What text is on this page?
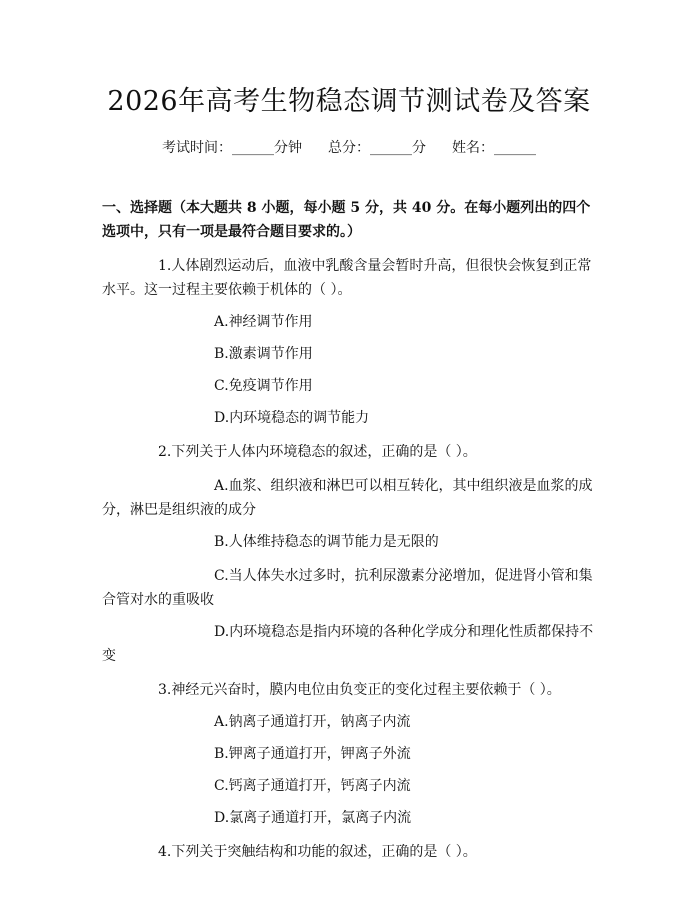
2026年高考生物稳态调节测试卷及答案
考试时间：______分钟 总分：______分 姓名：______
一、选择题（本大题共 8 小题，每小题 5 分，共 40 分。在每小题列出的四个选项中，只有一项是最符合题目要求的。）
1.人体剧烈运动后，血液中乳酸含量会暂时升高，但很快会恢复到正常水平。这一过程主要依赖于机体的（ ）。
A.神经调节作用
B.激素调节作用
C.免疫调节作用
D.内环境稳态的调节能力
2.下列关于人体内环境稳态的叙述，正确的是（ ）。
A.血浆、组织液和淋巴可以相互转化，其中组织液是血浆的成分，淋巴是组织液的成分
B.人体维持稳态的调节能力是无限的
C.当人体失水过多时，抗利尿激素分泌增加，促进肾小管和集合管对水的重吸收
D.内环境稳态是指内环境的各种化学成分和理化性质都保持不变
3.神经元兴奋时，膜内电位由负变正的变化过程主要依赖于（ ）。
A.钠离子通道打开，钠离子内流
B.钾离子通道打开，钾离子外流
C.钙离子通道打开，钙离子内流
D.氯离子通道打开，氯离子内流
4.下列关于突触结构和功能的叙述，正确的是（ ）。
